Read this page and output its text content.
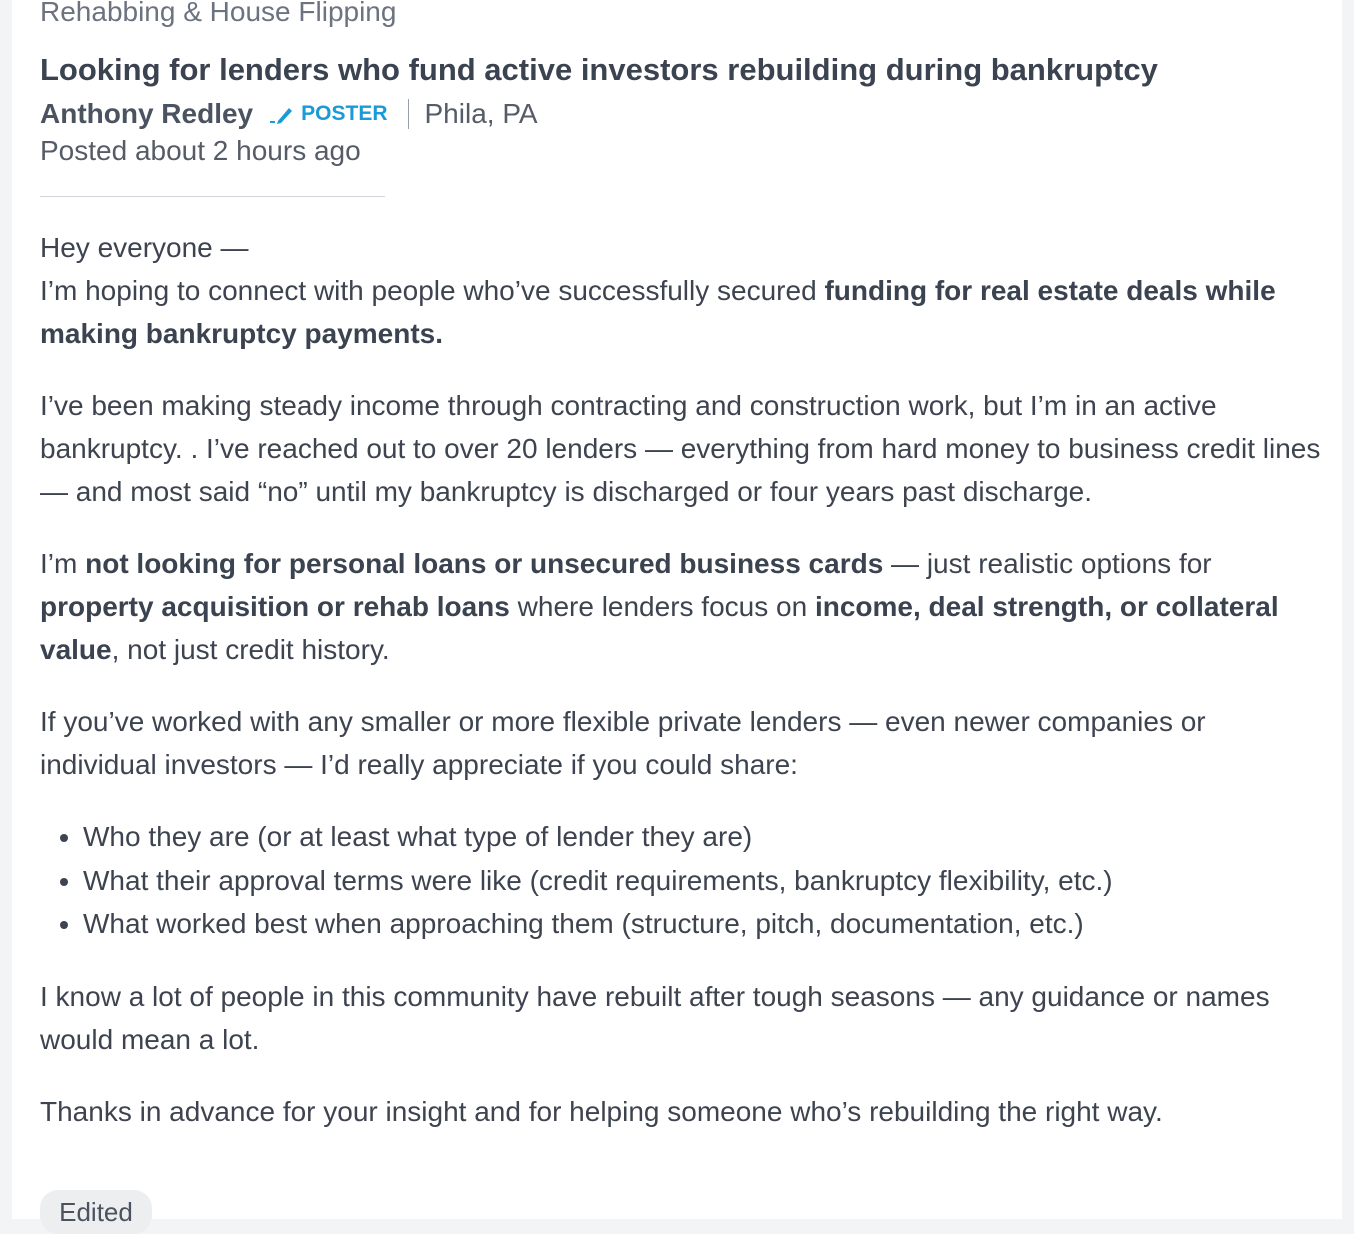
Rehabbing & House Flipping
Looking for lenders who fund active investors rebuilding during bankruptcy
Anthony Redley POSTER Phila, PA
Posted about 2 hours ago

Hey everyone —
I’m hoping to connect with people who’ve successfully secured funding for real estate deals while making bankruptcy payments.

I’ve been making steady income through contracting and construction work, but I’m in an active bankruptcy. . I’ve reached out to over 20 lenders — everything from hard money to business credit lines — and most said “no” until my bankruptcy is discharged or four years past discharge.

I’m not looking for personal loans or unsecured business cards — just realistic options for property acquisition or rehab loans where lenders focus on income, deal strength, or collateral value, not just credit history.

If you’ve worked with any smaller or more flexible private lenders — even newer companies or individual investors — I’d really appreciate if you could share:

• Who they are (or at least what type of lender they are)
• What their approval terms were like (credit requirements, bankruptcy flexibility, etc.)
• What worked best when approaching them (structure, pitch, documentation, etc.)

I know a lot of people in this community have rebuilt after tough seasons — any guidance or names would mean a lot.

Thanks in advance for your insight and for helping someone who’s rebuilding the right way.

Edited
